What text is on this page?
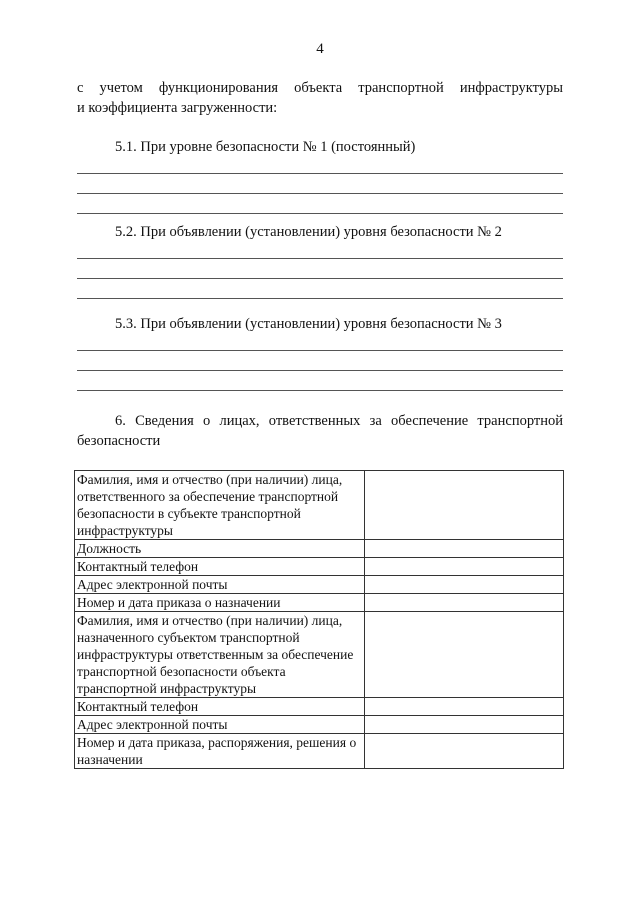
4
с учетом функционирования объекта транспортной инфраструктуры
и коэффициента загруженности:
5.1. При уровне безопасности № 1 (постоянный)
5.2. При объявлении (установлении) уровня безопасности № 2
5.3. При объявлении (установлении) уровня безопасности № 3
6. Сведения о лицах, ответственных за обеспечение транспортной
безопасности
Фамилия, имя и отчество (при наличии) лица, ответственного за обеспечение транспортной безопасности в субъекте транспортной инфраструктуры	
Должность	
Контактный телефон	
Адрес электронной почты	
Номер и дата приказа о назначении	
Фамилия, имя и отчество (при наличии) лица, назначенного субъектом транспортной инфраструктуры ответственным за обеспечение транспортной безопасности объекта транспортной инфраструктуры	
Контактный телефон	
Адрес электронной почты	
Номер и дата приказа, распоряжения, решения о назначении	
